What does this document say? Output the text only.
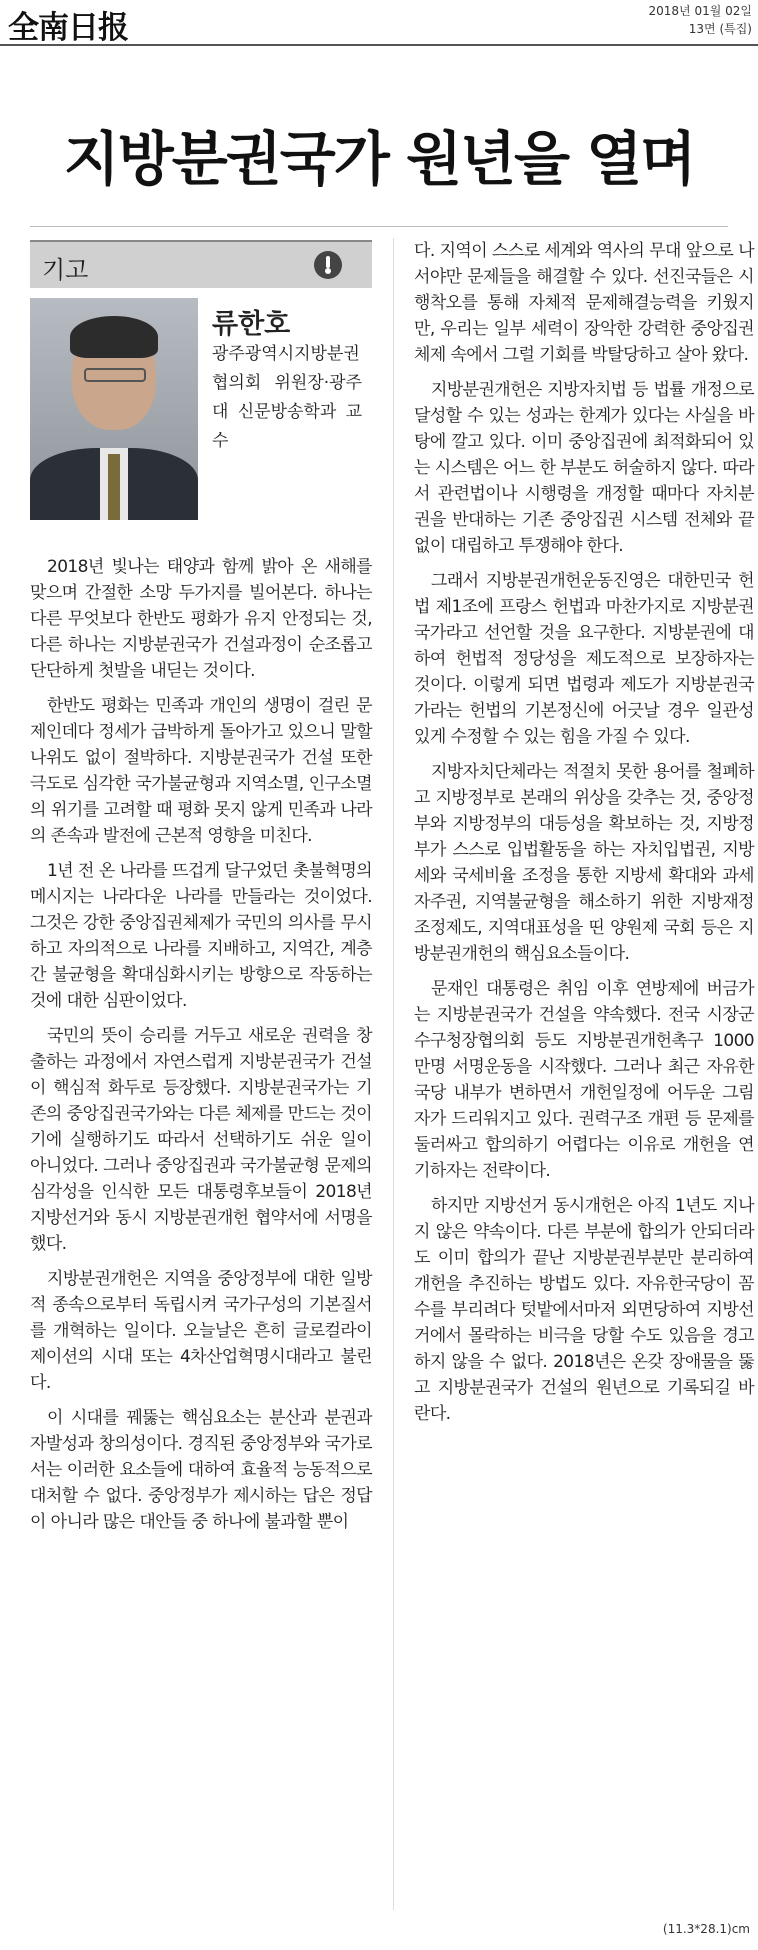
全南日报	2018년 01월 02일
13면 (특집)
지방분권국가 원년을 열며
기고
류한호
광주광역시지방분권협의회 위원장·광주대 신문방송학과 교수

2018년 빛나는 태양과 함께 밝아 온 새해를 맞으며 간절한 소망 두가지를 빌어본다. 하나는 다른 무엇보다 한반도 평화가 유지 안정되는 것, 다른 하나는 지방분권국가 건설과정이 순조롭고 단단하게 첫발을 내딛는 것이다.

한반도 평화는 민족과 개인의 생명이 걸린 문제인데다 정세가 급박하게 돌아가고 있으니 말할 나위도 없이 절박하다. 지방분권국가 건설 또한 극도로 심각한 국가불균형과 지역소멸, 인구소멸의 위기를 고려할 때 평화 못지 않게 민족과 나라의 존속과 발전에 근본적 영향을 미친다.

1년 전 온 나라를 뜨겁게 달구었던 촛불혁명의 메시지는 나라다운 나라를 만들라는 것이었다. 그것은 강한 중앙집권체제가 국민의 의사를 무시하고 자의적으로 나라를 지배하고, 지역간, 계층간 불균형을 확대심화시키는 방향으로 작동하는 것에 대한 심판이었다.

국민의 뜻이 승리를 거두고 새로운 권력을 창출하는 과정에서 자연스럽게 지방분권국가 건설이 핵심적 화두로 등장했다. 지방분권국가는 기존의 중앙집권국가와는 다른 체제를 만드는 것이기에 실행하기도 따라서 선택하기도 쉬운 일이 아니었다. 그러나 중앙집권과 국가불균형 문제의 심각성을 인식한 모든 대통령후보들이 2018년 지방선거와 동시 지방분권개헌 협약서에 서명을 했다.

지방분권개헌은 지역을 중앙정부에 대한 일방적 종속으로부터 독립시켜 국가구성의 기본질서를 개혁하는 일이다. 오늘날은 흔히 글로컬라이제이션의 시대 또는 4차산업혁명시대라고 불린다.

이 시대를 꿰뚫는 핵심요소는 분산과 분권과 자발성과 창의성이다. 경직된 중앙정부와 국가로서는 이러한 요소들에 대하여 효율적 능동적으로 대처할 수 없다. 중앙정부가 제시하는 답은 정답이 아니라 많은 대안들 중 하나에 불과할 뿐이

다. 지역이 스스로 세계와 역사의 무대 앞으로 나서야만 문제들을 해결할 수 있다. 선진국들은 시행착오를 통해 자체적 문제해결능력을 키웠지만, 우리는 일부 세력이 장악한 강력한 중앙집권체제 속에서 그럴 기회를 박탈당하고 살아 왔다.

지방분권개헌은 지방자치법 등 법률 개정으로 달성할 수 있는 성과는 한계가 있다는 사실을 바탕에 깔고 있다. 이미 중앙집권에 최적화되어 있는 시스템은 어느 한 부분도 허술하지 않다. 따라서 관련법이나 시행령을 개정할 때마다 자치분권을 반대하는 기존 중앙집권 시스템 전체와 끝없이 대립하고 투쟁해야 한다.

그래서 지방분권개헌운동진영은 대한민국 헌법 제1조에 프랑스 헌법과 마찬가지로 지방분권국가라고 선언할 것을 요구한다. 지방분권에 대하여 헌법적 정당성을 제도적으로 보장하자는 것이다. 이렇게 되면 법령과 제도가 지방분권국가라는 헌법의 기본정신에 어긋날 경우 일관성있게 수정할 수 있는 힘을 가질 수 있다.

지방자치단체라는 적절치 못한 용어를 철폐하고 지방정부로 본래의 위상을 갖추는 것, 중앙정부와 지방정부의 대등성을 확보하는 것, 지방정부가 스스로 입법활동을 하는 자치입법권, 지방세와 국세비율 조정을 통한 지방세 확대와 과세자주권, 지역불균형을 해소하기 위한 지방재정조정제도, 지역대표성을 띤 양원제 국회 등은 지방분권개헌의 핵심요소들이다.

문재인 대통령은 취임 이후 연방제에 버금가는 지방분권국가 건설을 약속했다. 전국 시장군수구청장협의회 등도 지방분권개헌촉구 1000만명 서명운동을 시작했다. 그러나 최근 자유한국당 내부가 변하면서 개헌일정에 어두운 그림자가 드리워지고 있다. 권력구조 개편 등 문제를 둘러싸고 합의하기 어렵다는 이유로 개헌을 연기하자는 전략이다.

하지만 지방선거 동시개헌은 아직 1년도 지나지 않은 약속이다. 다른 부분에 합의가 안되더라도 이미 합의가 끝난 지방분권부분만 분리하여 개헌을 추진하는 방법도 있다. 자유한국당이 꼼수를 부리려다 텃밭에서마저 외면당하여 지방선거에서 몰락하는 비극을 당할 수도 있음을 경고하지 않을 수 없다. 2018년은 온갖 장애물을 뚫고 지방분권국가 건설의 원년으로 기록되길 바란다.

(11.3*28.1)cm
